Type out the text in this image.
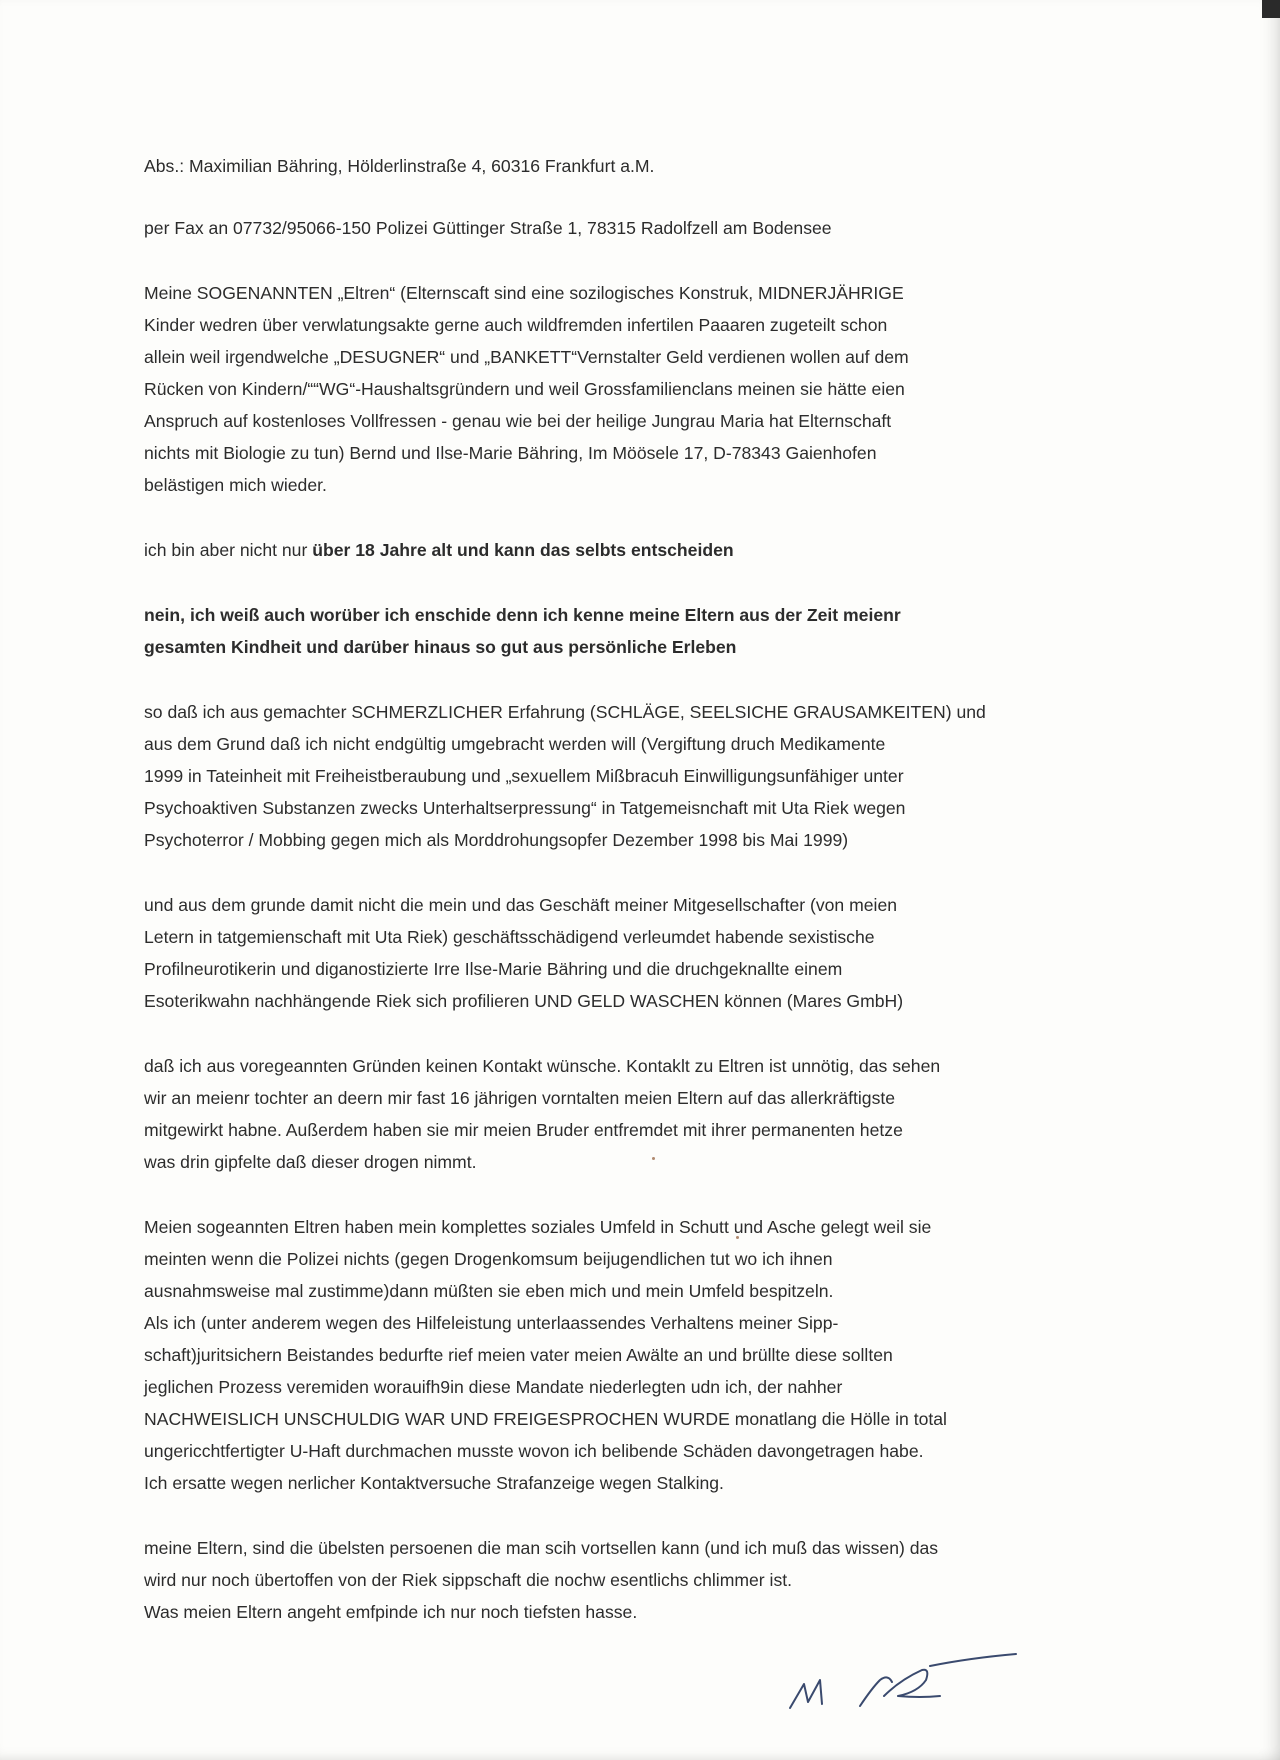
Abs.: Maximilian Bähring, Hölderlinstraße 4, 60316 Frankfurt a.M.
per Fax an 07732/95066-150 Polizei Güttinger Straße 1, 78315 Radolfzell am Bodensee
Meine SOGENANNTEN „Eltren“ (Elternscaft sind eine sozilogisches Konstruk, MIDNERJÄHRIGE
Kinder wedren über verwlatungsakte gerne auch wildfremden infertilen Paaaren zugeteilt schon
allein weil irgendwelche „DESUGNER“ und „BANKETT“Vernstalter Geld verdienen wollen auf dem
Rücken von Kindern/““WG“-Haushaltsgründern und weil Grossfamilienclans meinen sie hätte eien
Anspruch auf kostenloses Vollfressen - genau wie bei der heilige Jungrau Maria hat Elternschaft
nichts mit Biologie zu tun) Bernd und Ilse-Marie Bähring, Im Möösele 17, D-78343 Gaienhofen
belästigen mich wieder.
ich bin aber nicht nur über 18 Jahre alt und kann das selbts entscheiden
nein, ich weiß auch worüber ich enschide denn ich kenne meine Eltern aus der Zeit meienr
gesamten Kindheit und darüber hinaus so gut aus persönliche Erleben
so daß ich aus gemachter SCHMERZLICHER Erfahrung (SCHLÄGE, SEELSICHE GRAUSAMKEITEN) und
aus dem Grund daß ich nicht endgültig umgebracht werden will (Vergiftung druch Medikamente
1999 in Tateinheit mit Freiheistberaubung und „sexuellem Mißbracuh Einwilligungsunfähiger unter
Psychoaktiven Substanzen zwecks Unterhaltserpressung“ in Tatgemeisnchaft mit Uta Riek wegen
Psychoterror / Mobbing gegen mich als Morddrohungsopfer Dezember 1998 bis Mai 1999)
und aus dem grunde damit nicht die mein und das Geschäft meiner Mitgesellschafter (von meien
Letern in tatgemienschaft mit Uta Riek) geschäftsschädigend verleumdet habende sexistische
Profilneurotikerin und diganostizierte Irre Ilse-Marie Bähring und die druchgeknallte einem
Esoterikwahn nachhängende Riek sich profilieren UND GELD WASCHEN können (Mares GmbH)
daß ich aus voregeannten Gründen keinen Kontakt wünsche. Kontaklt zu Eltren ist unnötig, das sehen
wir an meienr tochter an deern mir fast 16 jährigen vorntalten meien Eltern auf das allerkräftigste
mitgewirkt habne. Außerdem haben sie mir meien Bruder entfremdet mit ihrer permanenten hetze
was drin gipfelte daß dieser drogen nimmt.
Meien sogeannten Eltren haben mein komplettes soziales Umfeld in Schutt und Asche gelegt weil sie
meinten wenn die Polizei nichts (gegen Drogenkomsum beijugendlichen tut wo ich ihnen
ausnahmsweise mal zustimme)dann müßten sie eben mich und mein Umfeld bespitzeln.
Als ich (unter anderem wegen des Hilfeleistung unterlaassendes Verhaltens meiner Sipp-
schaft)juritsichern Beistandes bedurfte rief meien vater meien Awälte an und brüllte diese sollten
jeglichen Prozess veremiden worauifh9in diese Mandate niederlegten udn ich, der nahher
NACHWEISLICH UNSCHULDIG WAR UND FREIGESPROCHEN WURDE monatlang die Hölle in total
ungericchtfertigter U-Haft durchmachen musste wovon ich belibende Schäden davongetragen habe.
Ich ersatte wegen nerlicher Kontaktversuche Strafanzeige wegen Stalking.
meine Eltern, sind die übelsten persoenen die man scih vortsellen kann (und ich muß das wissen) das
wird nur noch übertoffen von der Riek sippschaft die nochw esentlichs chlimmer ist.
Was meien Eltern angeht emfpinde ich nur noch tiefsten hasse.
